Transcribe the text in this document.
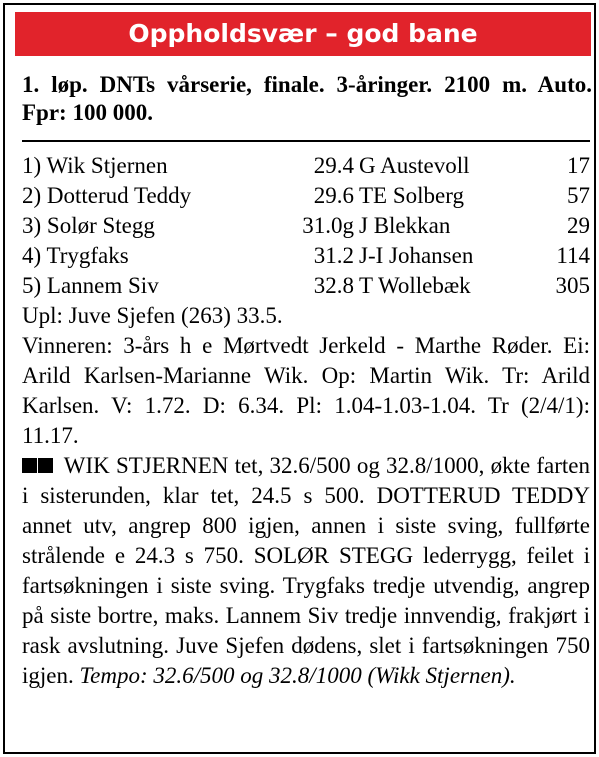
Oppholdsvær – god bane
1. løp. DNTs vårserie, finale. 3-åringer. 2100 m. Auto. Fpr: 100 000.
1) Wik Stjernen	29.4 G Austevoll	17
2) Dotterud Teddy	29.6 TE Solberg	57
3) Solør Stegg	31.0g J Blekkan	29
4) Trygfaks	31.2 J-I Johansen	114
5) Lannem Siv	32.8 T Wollebæk	305
Upl: Juve Sjefen (263) 33.5.
Vinneren: 3-års h e Mørtvedt Jerkeld - Marthe Røder. Ei: Arild Karlsen-Marianne Wik. Op: Martin Wik. Tr: Arild Karlsen. V: 1.72. D: 6.34. Pl: 1.04-1.03-1.04. Tr (2/4/1): 11.17.
WIK STJERNEN tet, 32.6/500 og 32.8/1000, økte farten i sisterunden, klar tet, 24.5 s 500. DOTTERUD TEDDY annet utv, angrep 800 igjen, annen i siste sving, fullførte strålende e 24.3 s 750. SOLØR STEGG lederrygg, feilet i fartsøkningen i siste sving. Trygfaks tredje utvendig, angrep på siste bortre, maks. Lannem Siv tredje innvendig, frakjørt i rask avslutning. Juve Sjefen dødens, slet i fartsøkningen 750 igjen. Tempo: 32.6/500 og 32.8/1000 (Wikk Stjernen).
